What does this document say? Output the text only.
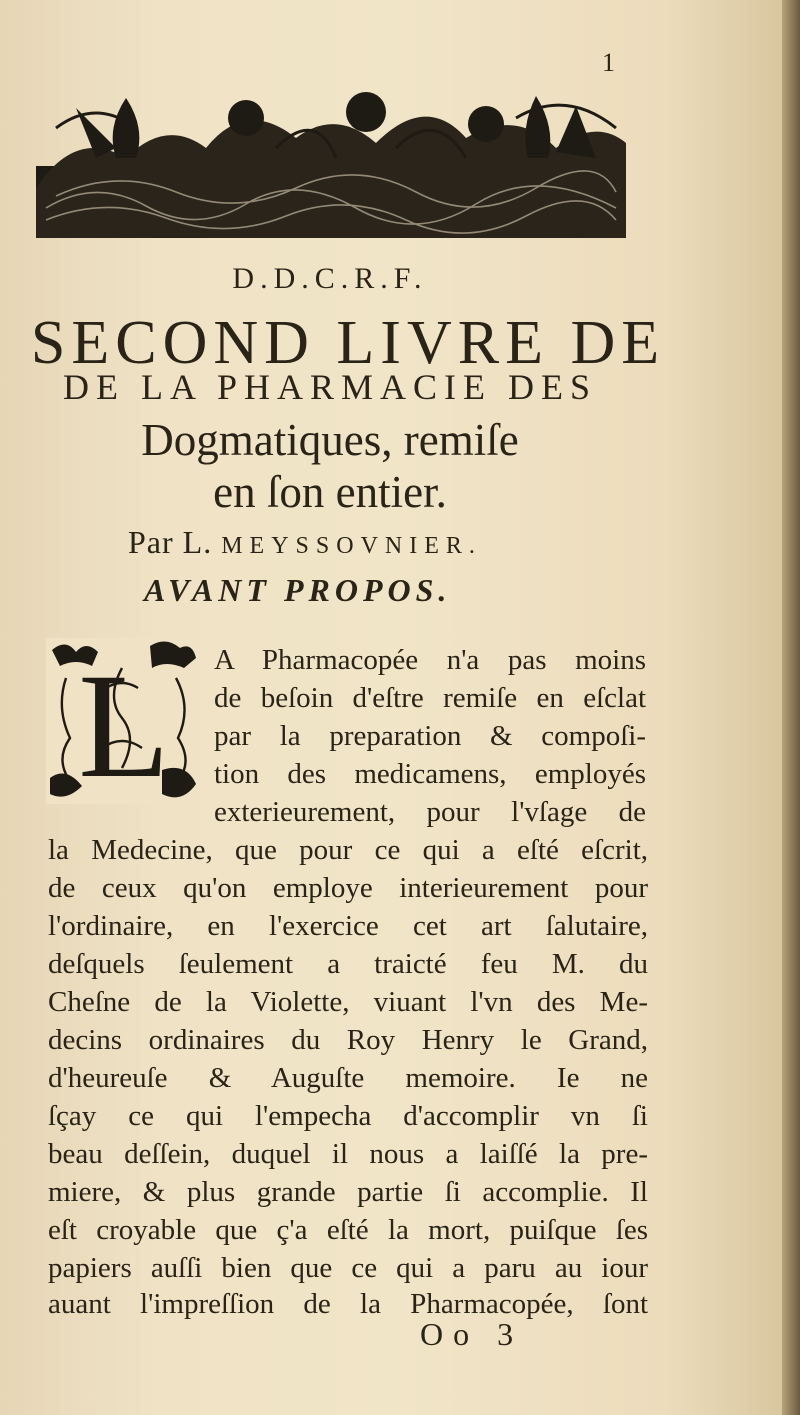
1
D.D.C.R.F.
SECOND LIVRE DE
DE LA PHARMACIE DES
Dogmatiques, remiſe
en ſon entier.
Par L. MEYSSOVNIER.
AVANT PROPOS.
L A Pharmacopée n'a pas moins
de beſoin d'eſtre remiſe en eſclat
par la preparation & compoſi-
tion des medicamens, employés
exterieurement, pour l'vſage de
la Medecine, que pour ce qui a eſté eſcrit,
de ceux qu'on employe interieurement pour
l'ordinaire, en l'exercice cet art ſalutaire,
deſquels ſeulement a traicté feu M. du
Cheſne de la Violette, viuant l'vn des Me-
decins ordinaires du Roy Henry le Grand,
d'heureuſe & Auguſte memoire. Ie ne
ſçay ce qui l'empecha d'accomplir vn ſi
beau deſſein, duquel il nous a laiſſé la pre-
miere, & plus grande partie ſi accomplie. Il
eſt croyable que ç'a eſté la mort, puiſque ſes
papiers auſſi bien que ce qui a paru au iour
auant l'impreſſion de la Pharmacopée, ſont
Oo 3
